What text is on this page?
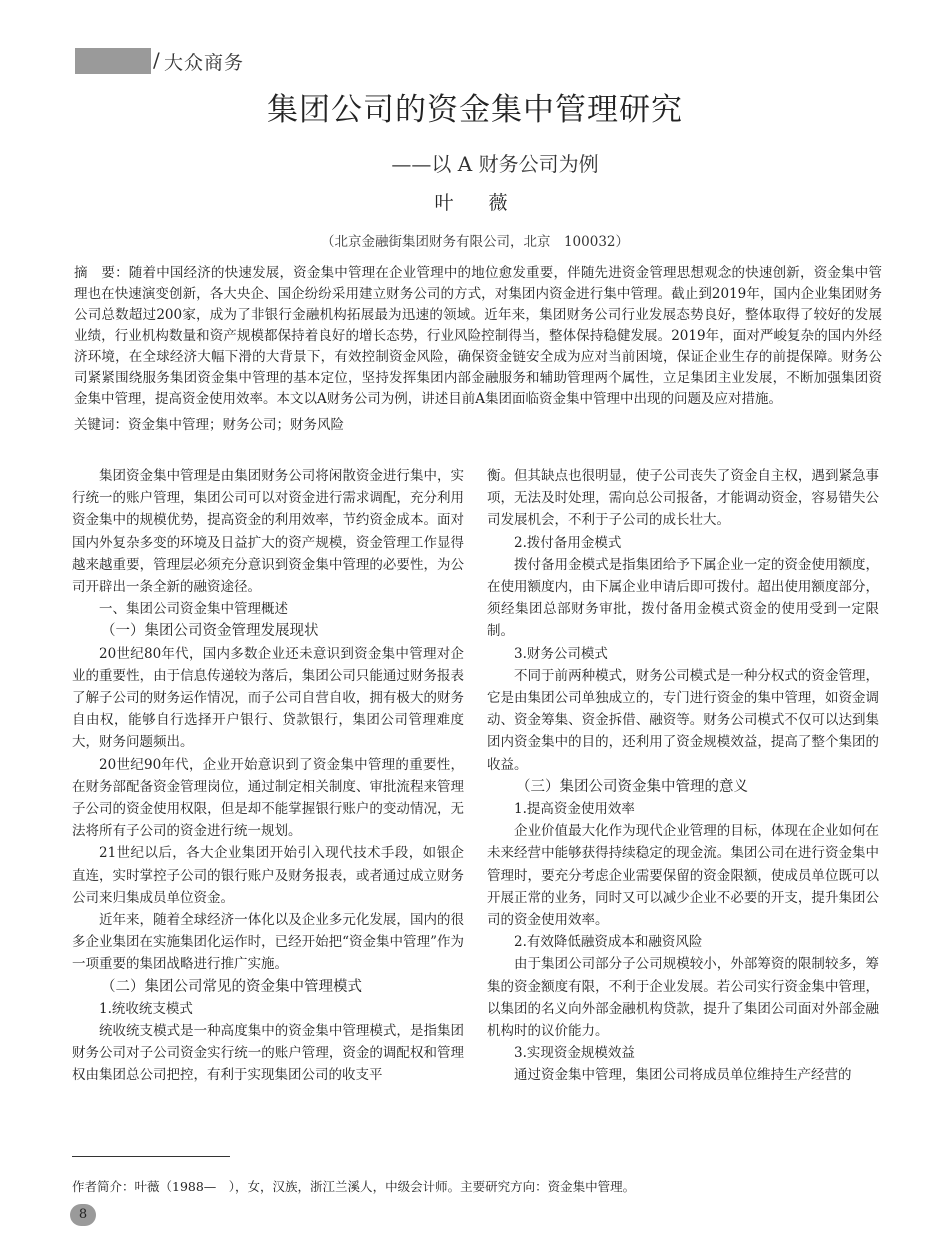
/ 大众商务
集团公司的资金集中管理研究
——以 A 财务公司为例
叶　薇
（北京金融街集团财务有限公司，北京　100032）
摘　要：随着中国经济的快速发展，资金集中管理在企业管理中的地位愈发重要，伴随先进资金管理思想观念的快速创新，资金集中管理也在快速演变创新，各大央企、国企纷纷采用建立财务公司的方式，对集团内资金进行集中管理。截止到2019年，国内企业集团财务公司总数超过200家，成为了非银行金融机构拓展最为迅速的领域。近年来，集团财务公司行业发展态势良好，整体取得了较好的发展业绩，行业机构数量和资产规模都保持着良好的增长态势，行业风险控制得当，整体保持稳健发展。2019年，面对严峻复杂的国内外经济环境，在全球经济大幅下滑的大背景下，有效控制资金风险，确保资金链安全成为应对当前困境，保证企业生存的前提保障。财务公司紧紧围绕服务集团资金集中管理的基本定位，坚持发挥集团内部金融服务和辅助管理两个属性，立足集团主业发展，不断加强集团资金集中管理，提高资金使用效率。本文以A财务公司为例，讲述目前A集团面临资金集中管理中出现的问题及应对措施。
关键词：资金集中管理；财务公司；财务风险

集团资金集中管理是由集团财务公司将闲散资金进行集中，实行统一的账户管理，集团公司可以对资金进行需求调配，充分利用资金集中的规模优势，提高资金的利用效率，节约资金成本。面对国内外复杂多变的环境及日益扩大的资产规模，资金管理工作显得越来越重要，管理层必须充分意识到资金集中管理的必要性，为公司开辟出一条全新的融资途径。

一、集团公司资金集中管理概述
（一）集团公司资金管理发展现状

20世纪80年代，国内多数企业还未意识到资金集中管理对企业的重要性，由于信息传递较为落后，集团公司只能通过财务报表了解子公司的财务运作情况，而子公司自营自收，拥有极大的财务自由权，能够自行选择开户银行、贷款银行，集团公司管理难度大，财务问题频出。

20世纪90年代，企业开始意识到了资金集中管理的重要性，在财务部配备资金管理岗位，通过制定相关制度、审批流程来管理子公司的资金使用权限，但是却不能掌握银行账户的变动情况，无法将所有子公司的资金进行统一规划。

21世纪以后，各大企业集团开始引入现代技术手段，如银企直连，实时掌控子公司的银行账户及财务报表，或者通过成立财务公司来归集成员单位资金。

近年来，随着全球经济一体化以及企业多元化发展，国内的很多企业集团在实施集团化运作时，已经开始把“资金集中管理”作为一项重要的集团战略进行推广实施。

（二）集团公司常见的资金集中管理模式
1.统收统支模式

统收统支模式是一种高度集中的资金集中管理模式，是指集团财务公司对子公司资金实行统一的账户管理，资金的调配权和管理权由集团总公司把控，有利于实现集团公司的收支平

衡。但其缺点也很明显，使子公司丧失了资金自主权，遇到紧急事项，无法及时处理，需向总公司报备，才能调动资金，容易错失公司发展机会，不利于子公司的成长壮大。

2.拨付备用金模式

拨付备用金模式是指集团给予下属企业一定的资金使用额度，在使用额度内，由下属企业申请后即可拨付。超出使用额度部分，须经集团总部财务审批，拨付备用金模式资金的使用受到一定限制。

3.财务公司模式

不同于前两种模式，财务公司模式是一种分权式的资金管理，它是由集团公司单独成立的，专门进行资金的集中管理，如资金调动、资金筹集、资金拆借、融资等。财务公司模式不仅可以达到集团内资金集中的目的，还利用了资金规模效益，提高了整个集团的收益。

（三）集团公司资金集中管理的意义
1.提高资金使用效率

企业价值最大化作为现代企业管理的目标，体现在企业如何在未来经营中能够获得持续稳定的现金流。集团公司在进行资金集中管理时，要充分考虑企业需要保留的资金限额，使成员单位既可以开展正常的业务，同时又可以减少企业不必要的开支，提升集团公司的资金使用效率。

2.有效降低融资成本和融资风险

由于集团公司部分子公司规模较小，外部筹资的限制较多，筹集的资金额度有限，不利于企业发展。若公司实行资金集中管理，以集团的名义向外部金融机构贷款，提升了集团公司面对外部金融机构时的议价能力。

3.实现资金规模效益

通过资金集中管理，集团公司将成员单位维持生产经营的

作者简介：叶薇（1988—　），女，汉族，浙江兰溪人，中级会计师。主要研究方向：资金集中管理。
8
